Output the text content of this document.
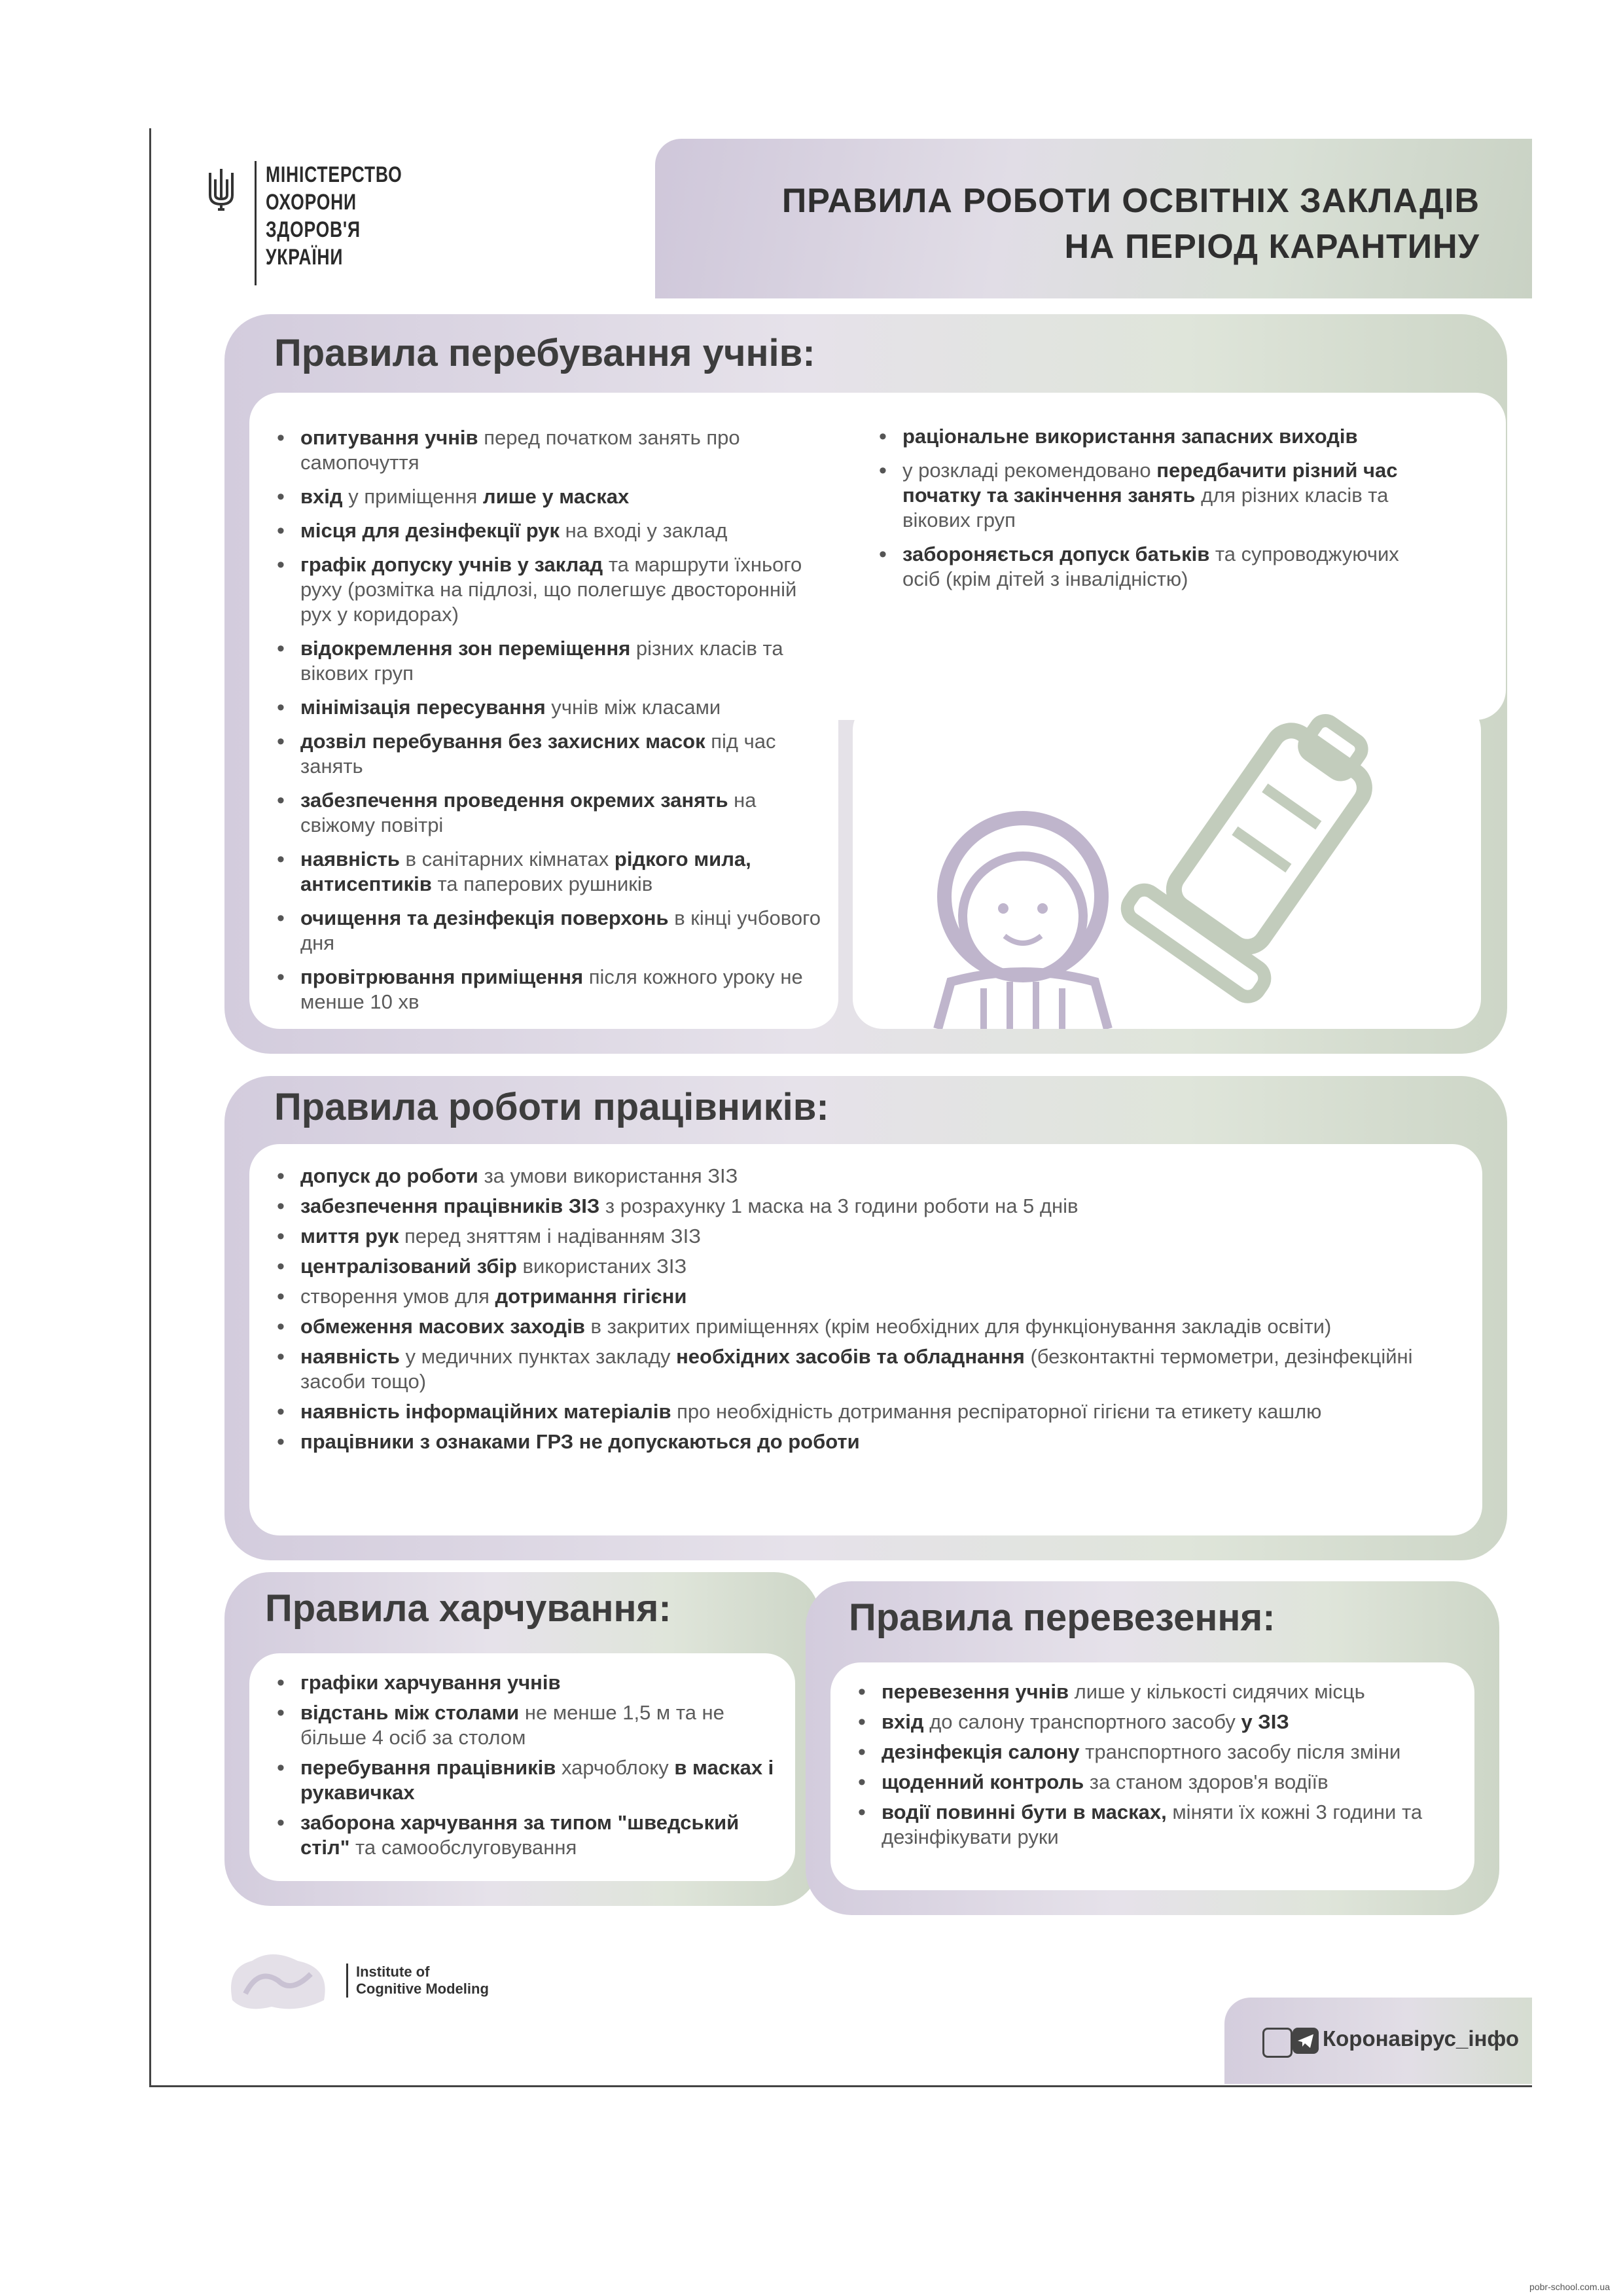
МІНІСТЕРСТВО
ОХОРОНИ
ЗДОРОВ'Я
УКРАЇНИ
ПРАВИЛА РОБОТИ ОСВІТНІХ ЗАКЛАДІВ
НА ПЕРІОД КАРАНТИНУ
Правила перебування учнів:
• опитування учнів перед початком занять про самопочуття
• вхід у приміщення лише у масках
• місця для дезінфекції рук на вході у заклад
• графік допуску учнів у заклад та маршрути їхнього руху (розмітка на підлозі, що полегшує двосторонній рух у коридорах)
• відокремлення зон переміщення різних класів та вікових груп
• мінімізація пересування учнів між класами
• дозвіл перебування без захисних масок під час занять
• забезпечення проведення окремих занять на свіжому повітрі
• наявність в санітарних кімнатах рідкого мила, антисептиків та паперових рушників
• очищення та дезінфекція поверхонь в кінці учбового дня
• провітрювання приміщення після кожного уроку не менше 10 хв
• раціональне використання запасних виходів
• у розкладі рекомендовано передбачити різний час початку та закінчення занять для різних класів та вікових груп
• забороняється допуск батьків та супроводжуючих осіб (крім дітей з інвалідністю)
Правила роботи працівників:
• допуск до роботи за умови використання ЗІЗ
• забезпечення працівників ЗІЗ з розрахунку 1 маска на 3 години роботи на 5 днів
• миття рук перед зняттям і надіванням ЗІЗ
• централізований збір використаних ЗІЗ
• створення умов для дотримання гігієни
• обмеження масових заходів в закритих приміщеннях (крім необхідних для функціонування закладів освіти)
• наявність у медичних пунктах закладу необхідних засобів та обладнання (безконтактні термометри, дезінфекційні засоби тощо)
• наявність інформаційних матеріалів про необхідність дотримання респіраторної гігієни та етикету кашлю
• працівники з ознаками ГРЗ не допускаються до роботи
Правила харчування:
• графіки харчування учнів
• відстань між столами не менше 1,5 м та не більше 4 осіб за столом
• перебування працівників харчоблоку в масках і рукавичках
• заборона харчування за типом "шведський стіл" та самообслуговування
Правила перевезення:
• перевезення учнів лише у кількості сидячих місць
• вхід до салону транспортного засобу у ЗІЗ
• дезінфекція салону транспортного засобу після зміни
• щоденний контроль за станом здоров'я водіїв
• водії повинні бути в масках, міняти їх кожні 3 години та дезінфікувати руки
Institute of
Cognitive Modeling
Коронавірус_інфо
pobr-school.com.ua
